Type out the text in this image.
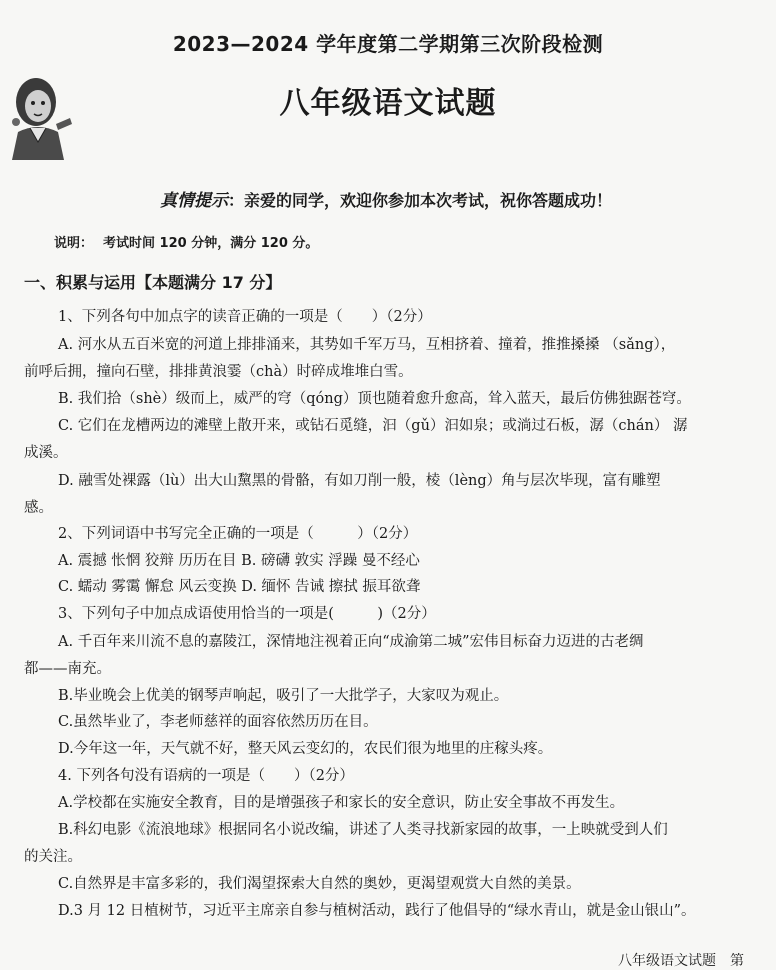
2023—2024 学年度第二学期第三次阶段检测
八年级语文试题
真情提示：亲爱的同学，欢迎你参加本次考试，祝你答题成功！
说明： 考试时间 120 分钟，满分 120 分。
一、积累与运用【本题满分 17 分】
1、下列各句中加点字的读音正确的一项是（　　）（2分）
A. 河水从五百米宽的河道上排排涌来，其势如千军万马，互相挤着、撞着，推推搡搡 （sǎng），
前呼后拥，撞向石壁，排排黄浪霎（chà）时碎成堆堆白雪。
B. 我们拾（shè）级而上，威严的穹（qóng）顶也随着愈升愈高，耸入蓝天，最后仿佛独踞苍穹。
C. 它们在龙槽两边的滩壁上散开来，或钻石觅缝，汩（gǔ）汩如泉；或淌过石板，潺（chán） 潺
成溪。
D. 融雪处裸露（lù）出大山黧黑的骨骼，有如刀削一般，棱（lèng）角与层次毕现，富有雕塑
感。
2、下列词语中书写完全正确的一项是（　　　）（2分）
A. 震撼 怅惘 狡辩 历历在目 B. 磅礴 敦实 浮躁 曼不经心
C. 蠕动 雾霭 懈怠 风云变换 D. 缅怀 告诫 擦拭 振耳欲聋
3、下列句子中加点成语使用恰当的一项是(　　　)（2分）
A. 千百年来川流不息的嘉陵江，深情地注视着正向“成渝第二城”宏伟目标奋力迈进的古老绸
都——南充。
B.毕业晚会上优美的钢琴声响起，吸引了一大批学子，大家叹为观止。
C.虽然毕业了，李老师慈祥的面容依然历历在目。
D.今年这一年，天气就不好，整天风云变幻的，农民们很为地里的庄稼头疼。
4. 下列各句没有语病的一项是（　　）（2分）
A.学校都在实施安全教育，目的是增强孩子和家长的安全意识，防止安全事故不再发生。
B.科幻电影《流浪地球》根据同名小说改编，讲述了人类寻找新家园的故事，一上映就受到人们
的关注。
C.自然界是丰富多彩的，我们渴望探索大自然的奥妙，更渴望观赏大自然的美景。
D.3 月 12 日植树节，习近平主席亲自参与植树活动，践行了他倡导的“绿水青山，就是金山银山”。
八年级语文试题　第
